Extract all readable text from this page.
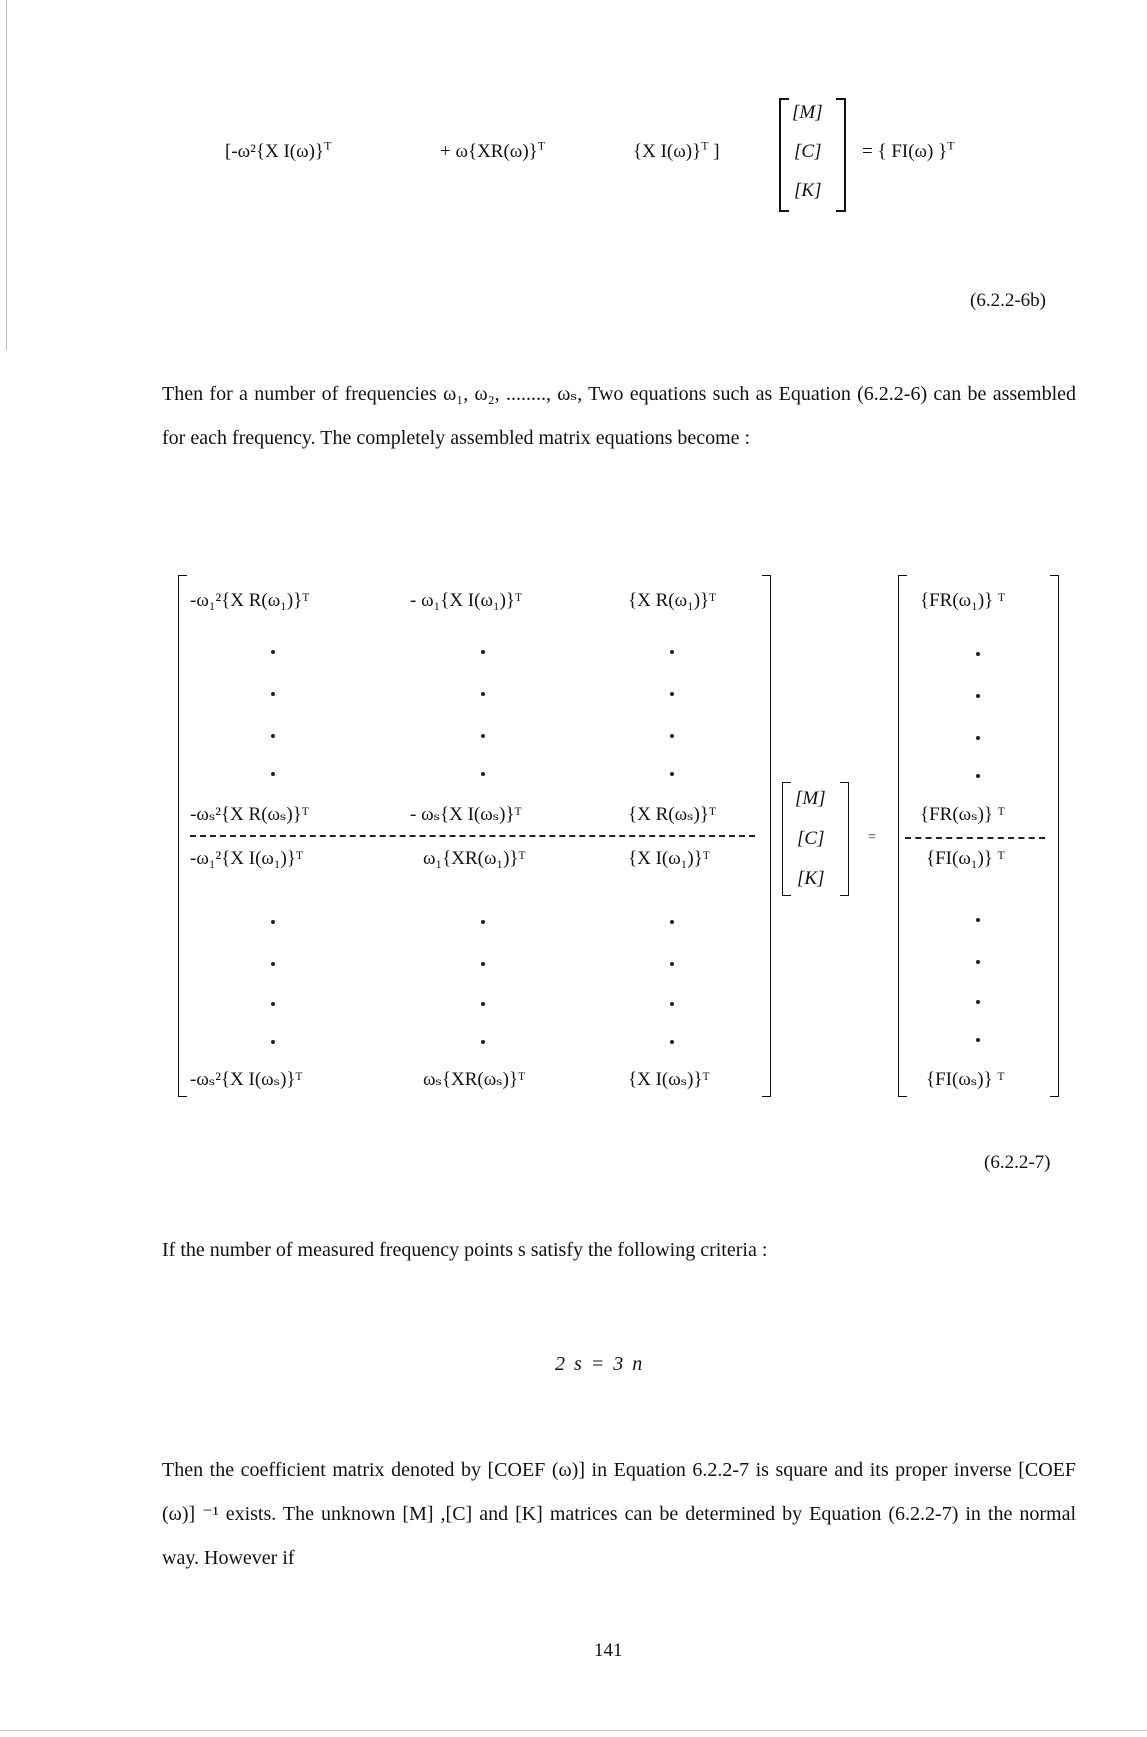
[-ω²{X I(ω)}$^T$	+ $\omega\{XR(\omega)\}^T$	{X I(ω)}$^T$ ]
[M]
[C]
[K]
= { FI(ω) }$^T$
(6.2.2-6b)
Then for a number of frequencies ω₁, ω₂, ........, ωₛ, Two equations such as Equation (6.2.2-6) can be assembled for each frequency. The completely assembled matrix equations become :
-ω₁²{X R(ω₁)}ᵀ	- ω₁{X I(ω₁)}ᵀ	{X R(ω₁)}ᵀ
-ωₛ²{X R(ωₛ)}ᵀ	- ωₛ{X I(ωₛ)}ᵀ	{X R(ωₛ)}ᵀ
-ω₁²{X I(ω₁)}ᵀ	ω₁{XR(ω₁)}ᵀ	{X I(ω₁)}ᵀ
-ωₛ²{X I(ωₛ)}ᵀ	ωₛ{XR(ωₛ)}ᵀ	{X I(ωₛ)}ᵀ
[M]
[C]
[K]
=
{FR(ω₁)} ᵀ
{FR(ωₛ)} ᵀ
{FI(ω₁)} ᵀ
{FI(ωₛ)} ᵀ
(6.2.2-7)
If the number of measured frequency points s satisfy the following criteria :
2 s = 3 n
Then the coefficient matrix denoted by [COEF (ω)] in Equation 6.2.2-7 is square and its proper inverse [COEF (ω)] ⁻¹ exists. The unknown [M] ,[C] and [K] matrices can be determined by Equation (6.2.2-7) in the normal way. However if
141
